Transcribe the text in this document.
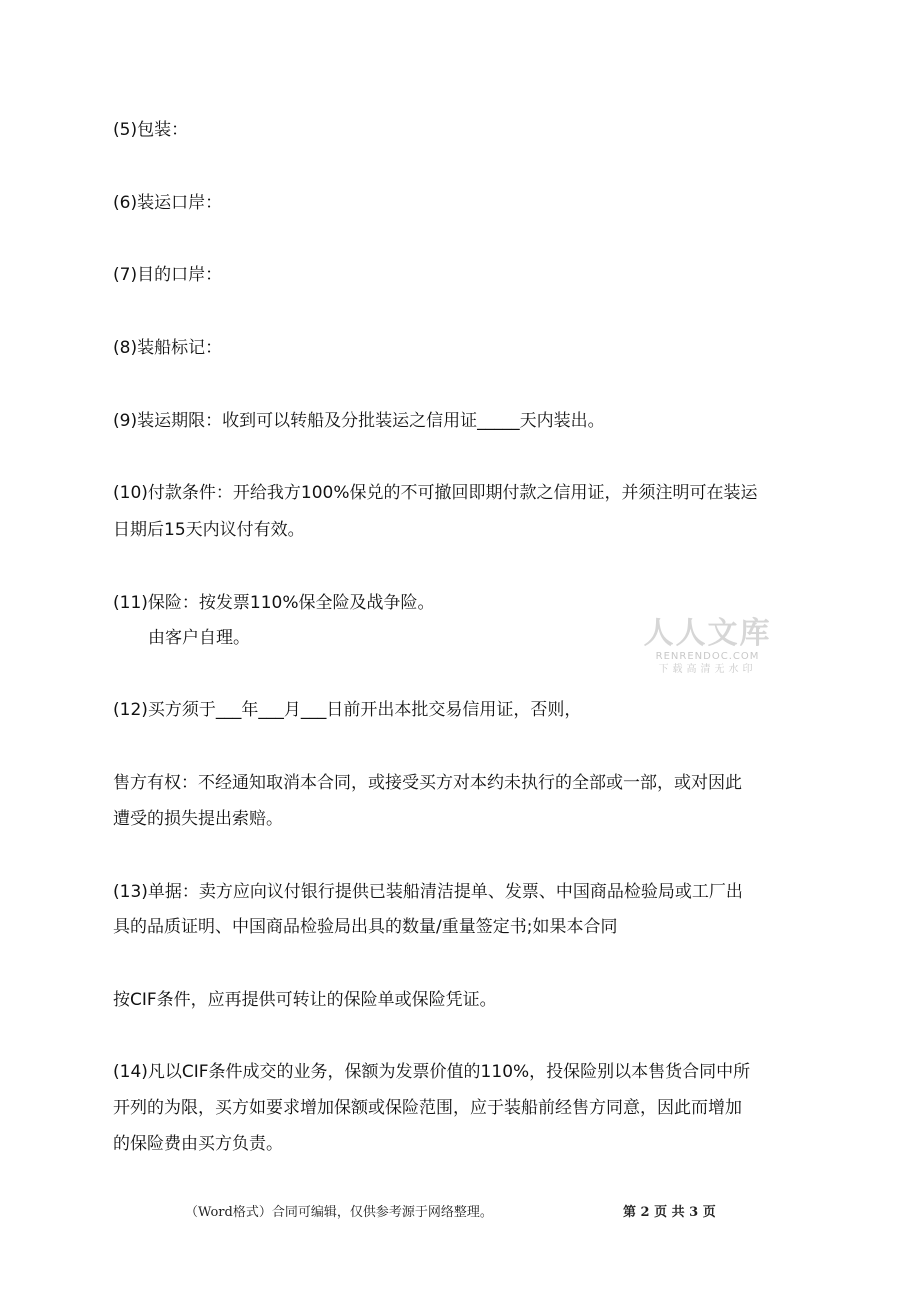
(5)包装：
(6)装运口岸：
(7)目的口岸：
(8)装船标记：
(9)装运期限：收到可以转船及分批装运之信用证_____天内装出。
(10)付款条件：开给我方100%保兑的不可撤回即期付款之信用证，并须注明可在装运
日期后15天内议付有效。
(11)保险：按发票110%保全险及战争险。
由客户自理。
(12)买方须于___年___月___日前开出本批交易信用证，否则，
售方有权：不经通知取消本合同，或接受买方对本约未执行的全部或一部，或对因此
遭受的损失提出索赔。
(13)单据：卖方应向议付银行提供已装船清洁提单、发票、中国商品检验局或工厂出
具的品质证明、中国商品检验局出具的数量/重量签定书;如果本合同
按CIF条件，应再提供可转让的保险单或保险凭证。
(14)凡以CIF条件成交的业务，保额为发票价值的110%，投保险别以本售货合同中所
开列的为限，买方如要求增加保额或保险范围，应于装船前经售方同意，因此而增加
的保险费由买方负责。
人人文库
RENRENDOC.COM
下载高清无水印
（Word格式）合同可编辑，仅供参考源于网络整理。	第 2 页 共 3 页
